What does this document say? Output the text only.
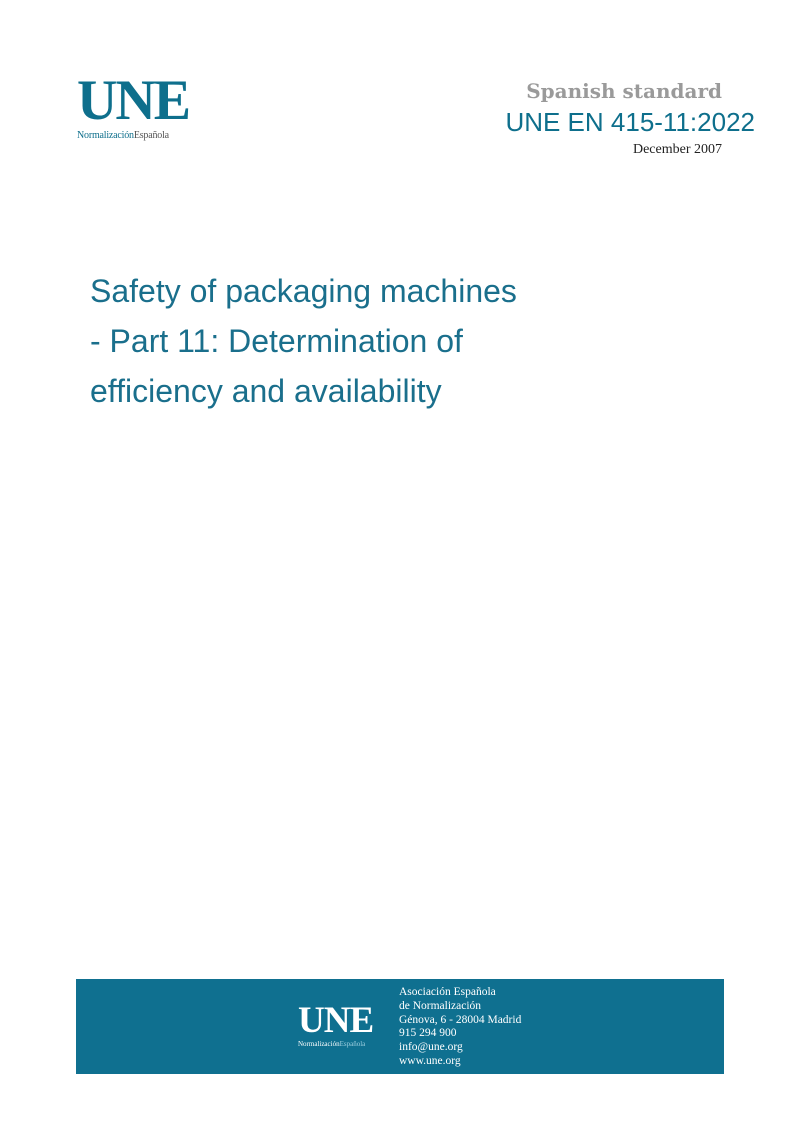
UNE
NormalizaciónEspañola
Spanish standard
UNE EN 415-11:2022
December 2007
Safety of packaging machines
- Part 11: Determination of
efficiency and availability
UNE
NormalizaciónEspañola
Asociación Española
de Normalización
Génova, 6 - 28004 Madrid
915 294 900
info@une.org
www.une.org
